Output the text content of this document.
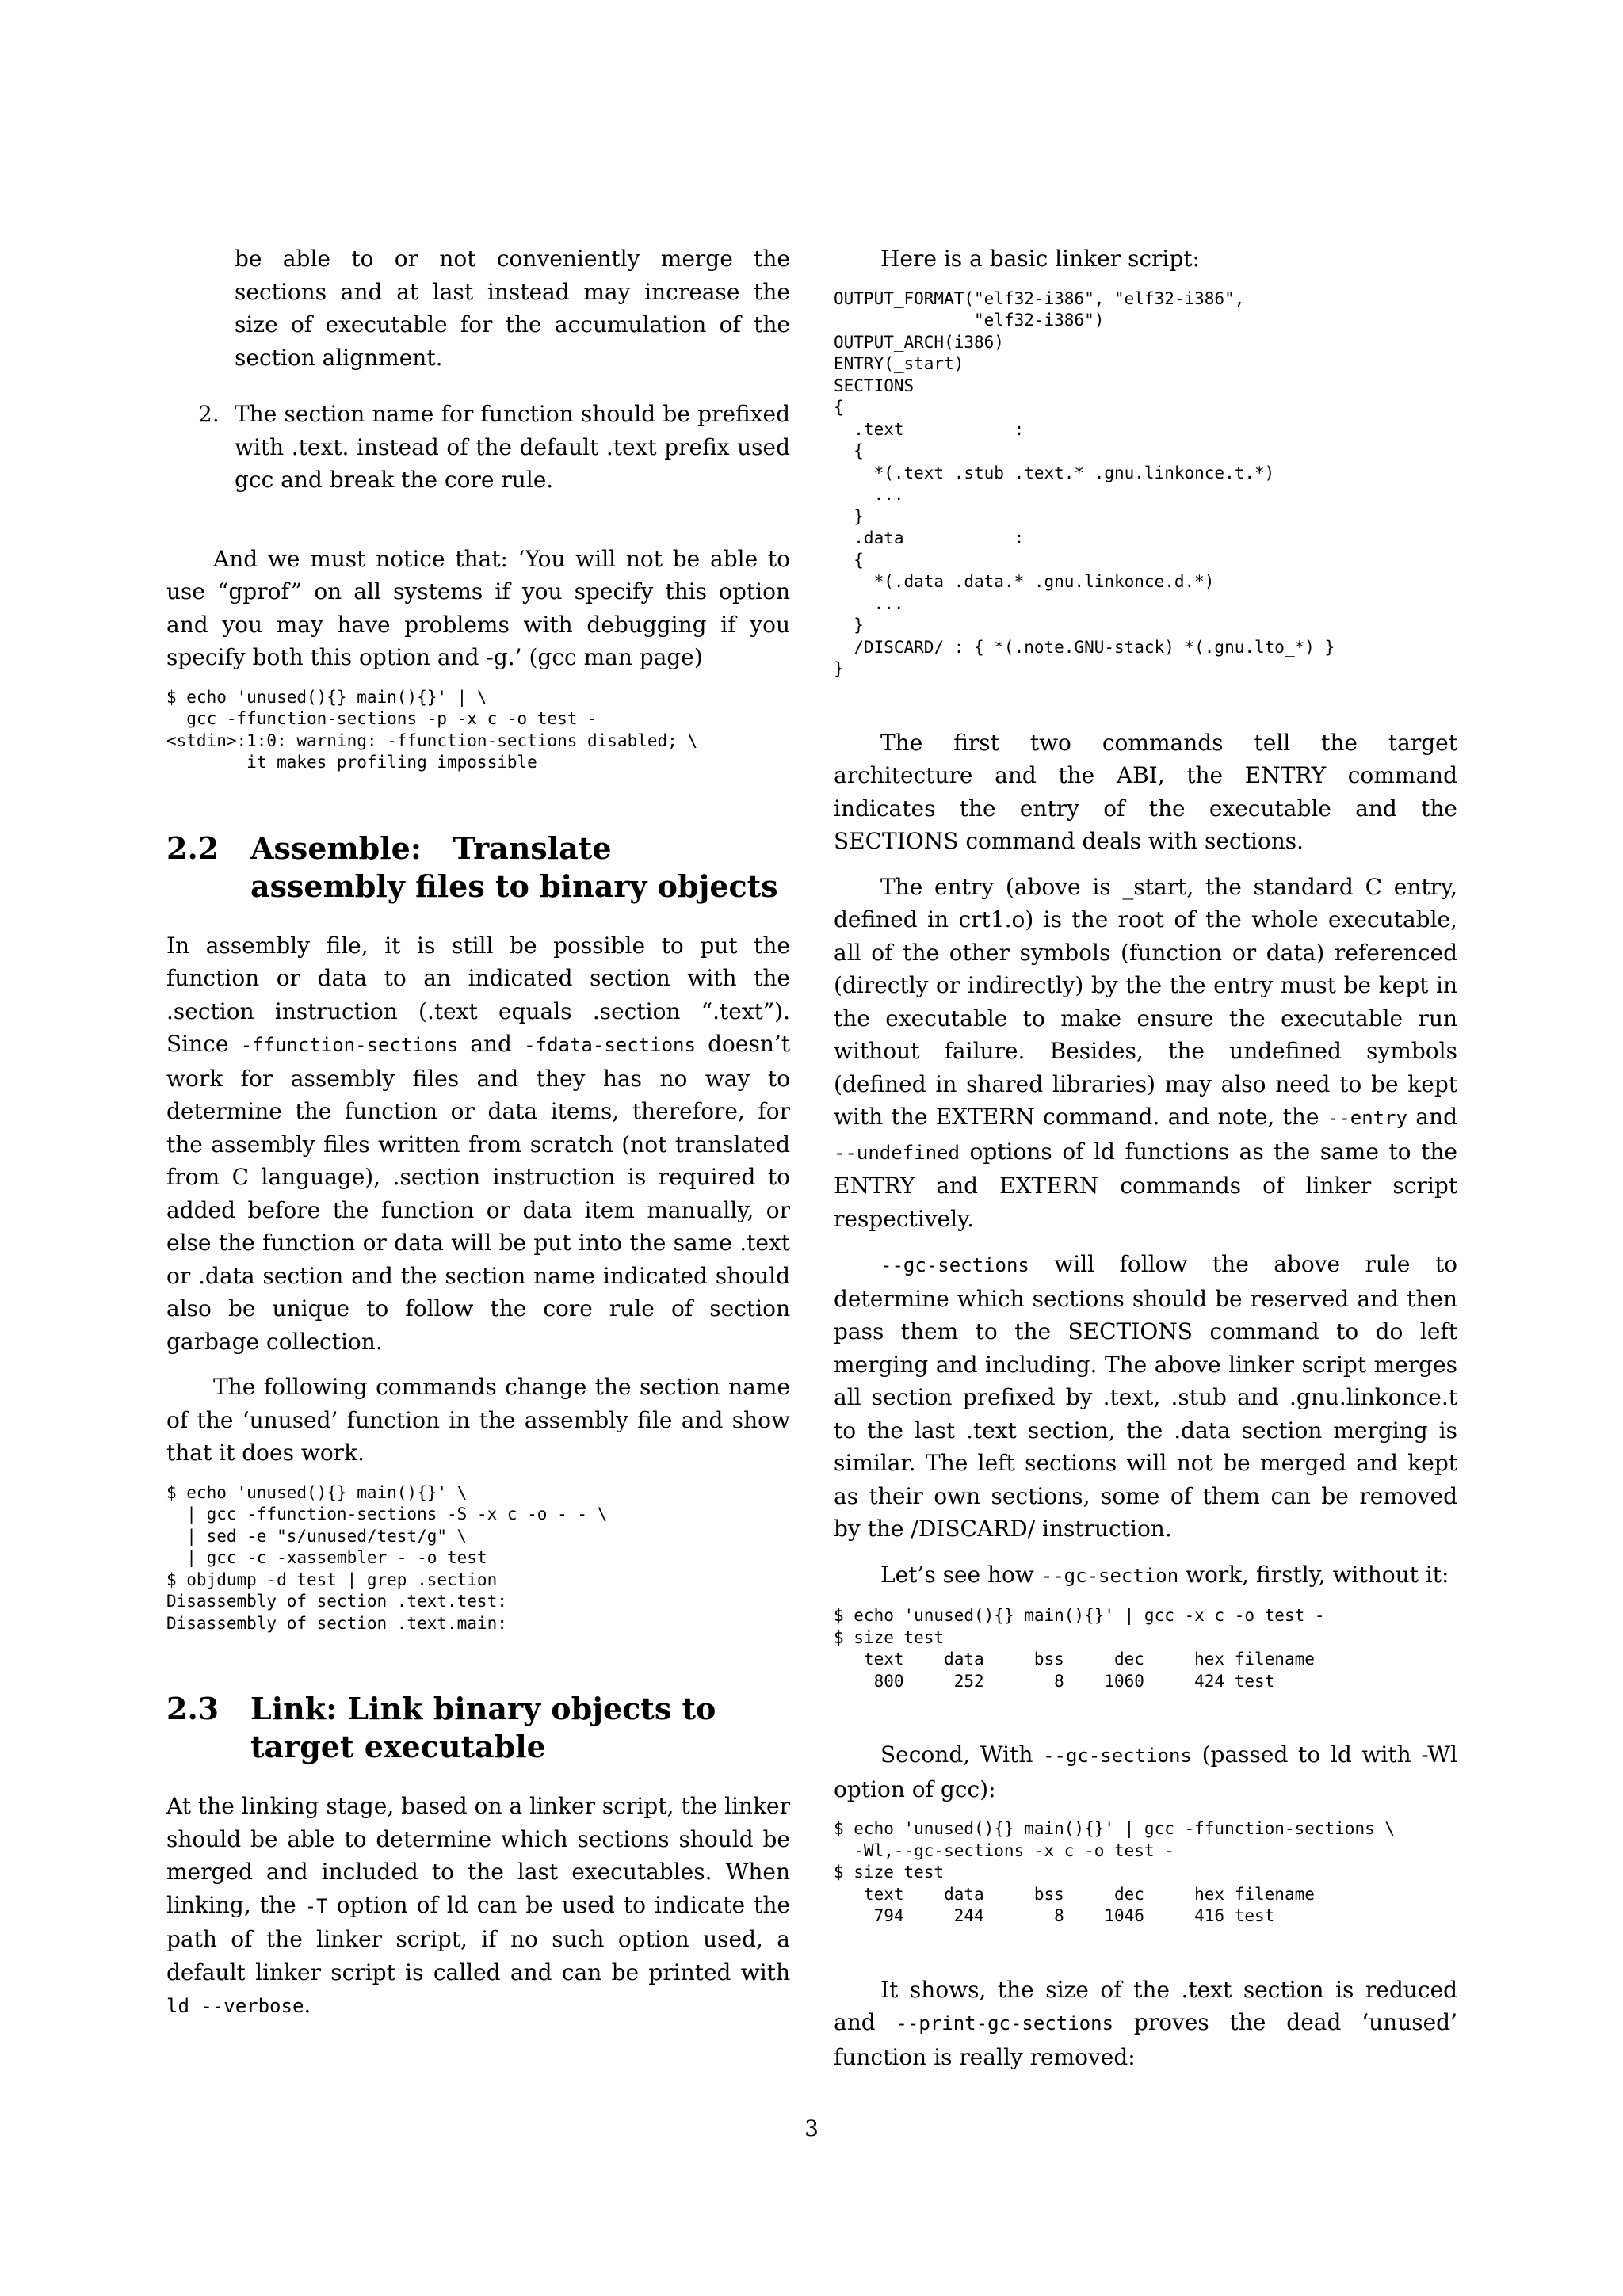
be able to or not conveniently merge the sections and at last instead may increase the size of executable for the accumulation of the section alignment.

2. The section name for function should be prefixed with .text. instead of the default .text prefix used gcc and break the core rule.

And we must notice that: ‘You will not be able to use “gprof” on all systems if you specify this option and you may have problems with debugging if you specify both this option and -g.’ (gcc man page)

$ echo 'unused(){} main(){}' | \
gcc -ffunction-sections -p -x c -o test -
<stdin>:1:0: warning: -ffunction-sections disabled; \
it makes profiling impossible
2.2 Assemble:   Translate   assembly files to binary objects

In assembly file, it is still be possible to put the function or data to an indicated section with the .section instruction (.text equals .section “.text”). Since -ffunction-sections and -fdata-sections doesn’t work for assembly files and they has no way to determine the function or data items, therefore, for the assembly files written from scratch (not translated from C language), .section instruction is required to added before the function or data item manually, or else the function or data will be put into the same .text or .data section and the section name indicated should also be unique to follow the core rule of section garbage collection.

The following commands change the section name of the ‘unused’ function in the assembly file and show that it does work.

$ echo 'unused(){} main(){}' \
| gcc -ffunction-sections -S -x c -o - - \
| sed -e "s/unused/test/g" \
| gcc -c -xassembler - -o test
$ objdump -d test | grep .section
Disassembly of section .text.test:
Disassembly of section .text.main:
2.3 Link: Link binary objects to target executable

At the linking stage, based on a linker script, the linker should be able to determine which sections should be merged and included to the last executables. When linking, the -T option of ld can be used to indicate the path of the linker script, if no such option used, a default linker script is called and can be printed with ld --verbose.

Here is a basic linker script:

OUTPUT_FORMAT("elf32-i386", "elf32-i386",
"elf32-i386")
OUTPUT_ARCH(i386)
ENTRY(_start)
SECTIONS
{
.text           :
{
*(.text .stub .text.* .gnu.linkonce.t.*)
...
}
.data           :
{
*(.data .data.* .gnu.linkonce.d.*)
...
}
/DISCARD/ : { *(.note.GNU-stack) *(.gnu.lto_*) }
}

The first two commands tell the target architecture and the ABI, the ENTRY command indicates the entry of the executable and the SECTIONS command deals with sections.

The entry (above is _start, the standard C entry, defined in crt1.o) is the root of the whole executable, all of the other symbols (function or data) referenced (directly or indirectly) by the the entry must be kept in the executable to make ensure the executable run without failure. Besides, the undefined symbols (defined in shared libraries) may also need to be kept with the EXTERN command. and note, the --entry and --undefined options of ld functions as the same to the ENTRY and EXTERN commands of linker script respectively.

--gc-sections will follow the above rule to determine which sections should be reserved and then pass them to the SECTIONS command to do left merging and including. The above linker script merges all section prefixed by .text, .stub and .gnu.linkonce.t to the last .text section, the .data section merging is similar. The left sections will not be merged and kept as their own sections, some of them can be removed by the /DISCARD/ instruction.

Let’s see how --gc-section work, firstly, without it:

$ echo 'unused(){} main(){}' | gcc -x c -o test -
$ size test
text    data     bss     dec     hex filename
800     252       8    1060     424 test

Second, With --gc-sections (passed to ld with -Wl option of gcc):

$ echo 'unused(){} main(){}' | gcc -ffunction-sections \
-Wl,--gc-sections -x c -o test -
$ size test
text    data     bss     dec     hex filename
794     244       8    1046     416 test

It shows, the size of the .text section is reduced and --print-gc-sections proves the dead ‘unused’ function is really removed:

3
